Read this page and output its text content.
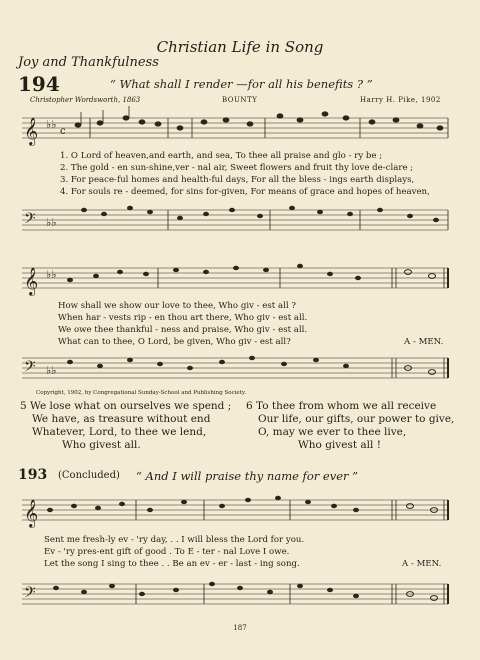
Christian Life in Song
Joy and Thankfulness
194	“ What shall I render —for all his benefits ? ”
Christopher Wordsworth, 1863	BOUNTY	Harry H. Pike, 1902
𝄞 ♭♭
c
1. O Lord of heaven,and earth, and sea, To thee all praise and glo - ry be ;
2. The gold - en sun-shine,ver - nal air, Sweet flowers and fruit thy love de-clare ;
3. For peace-ful homes and health-ful days, For all the bless - ings earth displays,
4. For souls re - deemed, for sins for-given, For means of grace and hopes of heaven,
𝄢 ♭♭
𝄞 ♭♭
How shall we show our love to thee, Who giv - est all ?
When har - vests rip - en thou art there, Who giv - est all.
We owe thee thankful - ness and praise, Who giv - est all.
What can to thee, O Lord, be given, Who giv - est all?	A - MEN.
𝄢 ♭♭
Copyright, 1902, by Congregational Sunday-School and Publishing Society.
5 We lose what on ourselves we spend ;
We have, as treasure without end
Whatever, Lord, to thee we lend,
Who givest all.
6 To thee from whom we all receive
Our life, our gifts, our power to give,
O, may we ever to thee live,
Who givest all !
193 (Concluded) “ And I will praise thy name for ever ”
𝄞
Sent me fresh-ly ev - 'ry day, . . I will bless the Lord for you.
Ev - 'ry pres-ent gift of good . To E - ter - nal Love I owe.
Let the song I sing to thee . . Be an ev - er - last - ing song.	A - MEN.
𝄢
187
